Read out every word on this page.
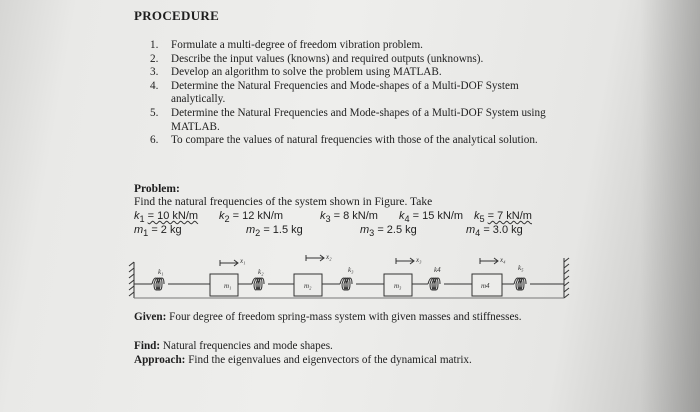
PROCEDURE
1.	Formulate a multi-degree of freedom vibration problem.
2.	Describe the input values (knowns) and required outputs (unknowns).
3.	Develop an algorithm to solve the problem using MATLAB.
4.	Determine the Natural Frequencies and Mode-shapes of a Multi-DOF System analytically.
5.	Determine the Natural Frequencies and Mode-shapes of a Multi-DOF System using MATLAB.
6.	To compare the values of natural frequencies with those of the analytical solution.
Problem:
Find the natural frequencies of the system shown in Figure. Take
$k_1 = 10$ kN/m $k_2 = 12$ kN/m	$k_3 = 8$ kN/m $k_4 = 15$ kN/m $k_5 = 7$ kN/m
$m_1 = 2$ kg	$m_2 = 1.5$ kg	$m_3 = 2.5$ kg	$m_4 = 3.0$ kg
m₁	m₂	m₃	m4
k₁	k₂	k₃	k4	k₅
x₁	x₂	x₃	x₄
Given: Four degree of freedom spring-mass system with given masses and stiffnesses.
Find: Natural frequencies and mode shapes.
Approach: Find the eigenvalues and eigenvectors of the dynamical matrix.
